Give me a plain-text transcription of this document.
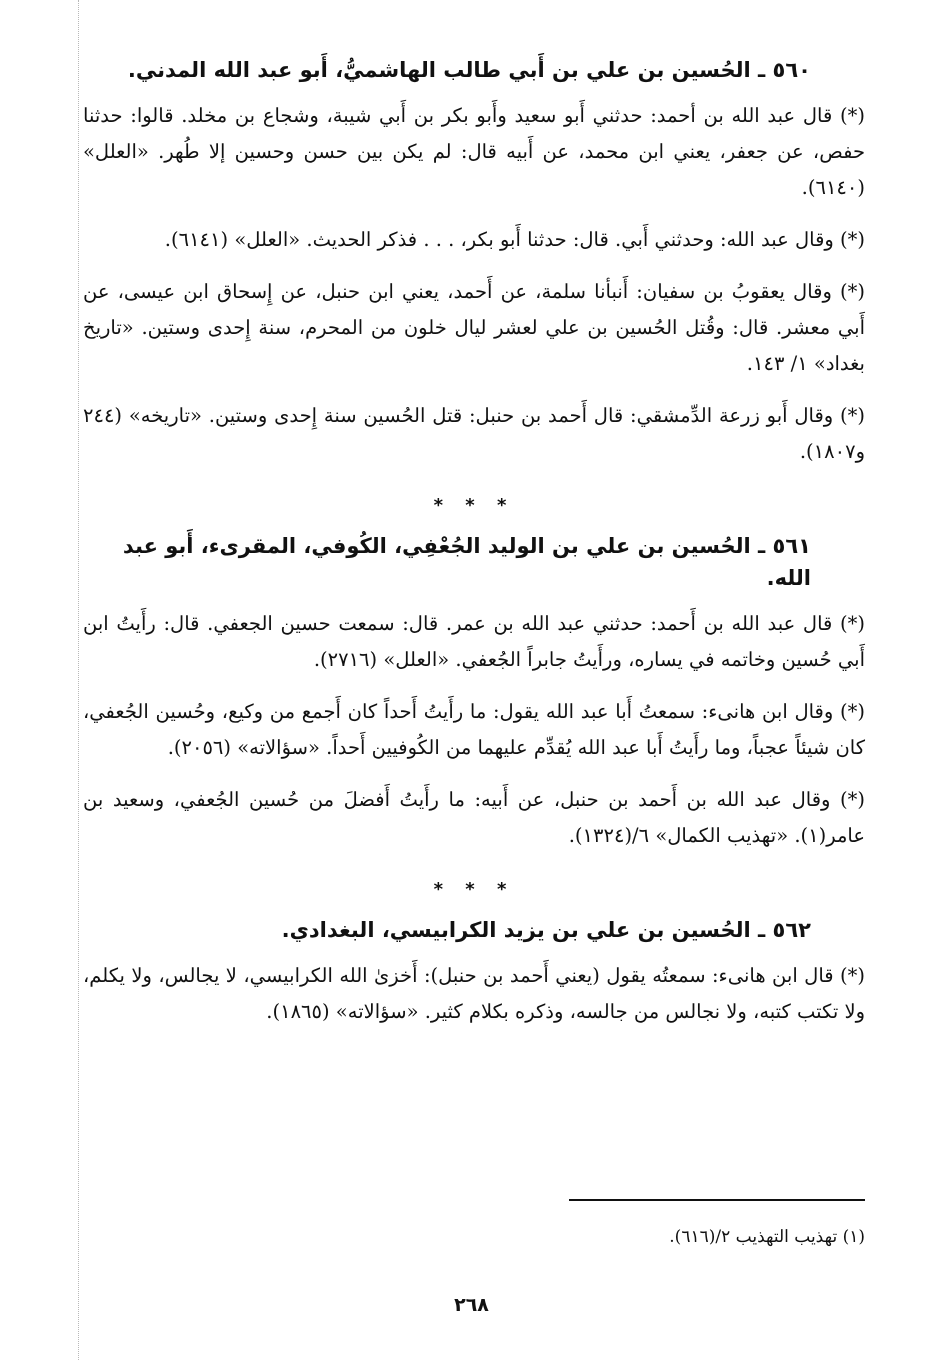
٥٦٠ ـ الحُسين بن علي بن أَبي طالب الهاشميُّ، أَبو عبد الله المدني.

(*) قال عبد الله بن أحمد: حدثني أَبو سعيد وأَبو بكر بن أَبي شيبة، وشجاع بن مخلد. قالوا: حدثنا حفص، عن جعفر، يعني ابن محمد، عن أَبيه قال: لم يكن بين حسن وحسين إلا طُهر. «العلل» (٦١٤٠).

(*) وقال عبد الله: وحدثني أَبي. قال: حدثنا أَبو بكر، . . . فذكر الحديث. «العلل» (٦١٤١).

(*) وقال يعقوبُ بن سفيان: أَنبأنا سلمة، عن أَحمد، يعني ابن حنبل، عن إِسحاق ابن عيسى، عن أَبي معشر. قال: وقُتل الحُسين بن علي لعشر ليال خلون من المحرم، سنة إِحدى وستين. «تاريخ بغداد» ١/ ١٤٣.

(*) وقال أَبو زرعة الدِّمشقي: قال أَحمد بن حنبل: قتل الحُسين سنة إِحدى وستين. «تاريخه» (٢٤٤ و١٨٠٧).

* * *
٥٦١ ـ الحُسين بن علي بن الوليد الجُعْفِي، الكُوفي، المقرىء، أَبو عبد الله.

(*) قال عبد الله بن أَحمد: حدثني عبد الله بن عمر. قال: سمعت حسين الجعفي. قال: رأَيتُ ابن أَبي حُسين وخاتمه في يساره، ورأَيتُ جابراً الجُعفي. «العلل» (٢٧١٦).

(*) وقال ابن هانىء: سمعتُ أَبا عبد الله يقول: ما رأَيتُ أَحداً كان أَجمع من وكيع، وحُسين الجُعفي، كان شيئاً عجباً، وما رأَيتُ أَبا عبد الله يُقدِّم عليهما من الكُوفيين أَحداً. «سؤالاته» (٢٠٥٦).

(*) وقال عبد الله بن أَحمد بن حنبل، عن أَبيه: ما رأَيتُ أَفضلَ من حُسين الجُعفي، وسعيد بن عامر(١). «تهذيب الكمال» ٦/(١٣٢٤).

* * *
٥٦٢ ـ الحُسين بن علي بن يزيد الكرابيسي، البغدادي.

(*) قال ابن هانىء: سمعتُه يقول (يعني أَحمد بن حنبل): أَخزىٰ الله الكرابيسي، لا يجالس، ولا يكلم، ولا تكتب كتبه، ولا نجالس من جالسه، وذكره بكلام كثير. «سؤالاته» (١٨٦٥).

(١) تهذيب التهذيب ٢/(٦١٦).
٢٦٨
